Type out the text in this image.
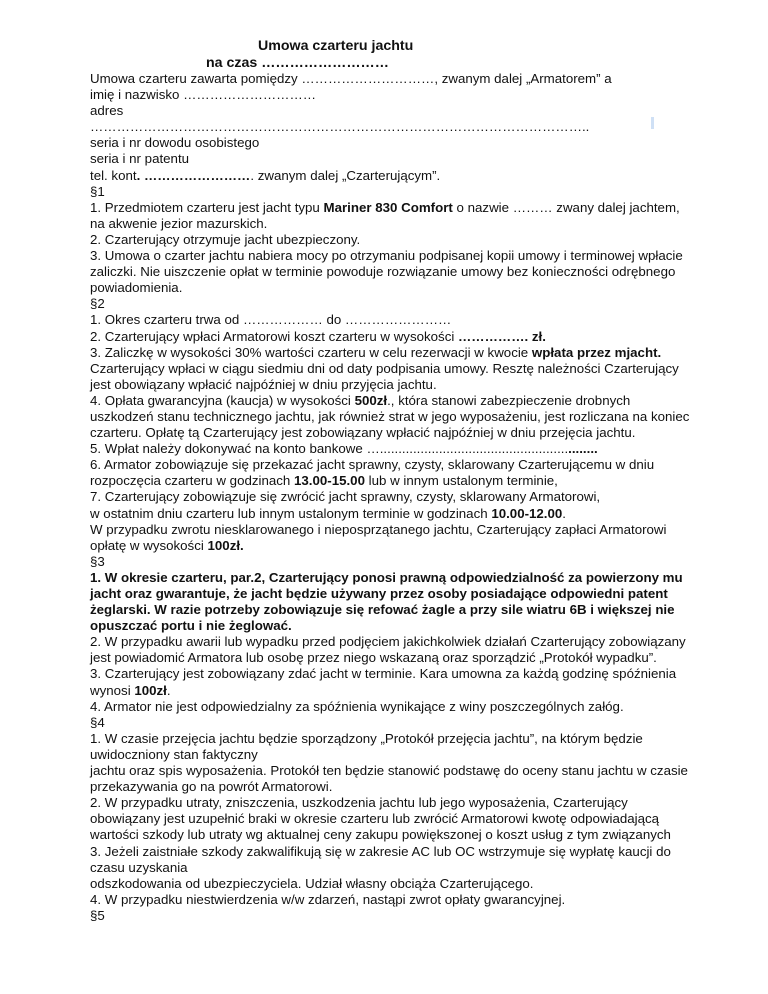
Umowa czarteru jachtu
na czas ………………………
Umowa czarteru zawarta pomiędzy …………………………, zwanym dalej „Armatorem” a
imię i nazwisko …………………………
adres
…………………………………………………………………………………………………..
seria i nr dowodu osobistego
seria i nr patentu
tel. kont. ……………………. zwanym dalej „Czarterującym”.
§1
1. Przedmiotem czarteru jest jacht typu Mariner 830 Comfort o nazwie ……… zwany dalej jachtem, na akwenie jezior mazurskich.
2. Czarterujący otrzymuje jacht ubezpieczony.
3. Umowa o czarter jachtu nabiera mocy po otrzymaniu podpisanej kopii umowy i terminowej wpłacie zaliczki. Nie uiszczenie opłat w terminie powoduje rozwiązanie umowy bez konieczności odrębnego powiadomienia.
§2
1. Okres czarteru trwa od ……………… do ……………………
2. Czarterujący wpłaci Armatorowi koszt czarteru w wysokości ……………. zł.
3. Zaliczkę w wysokości 30% wartości czarteru w celu rezerwacji w kwocie wpłata przez mjacht. Czarterujący wpłaci w ciągu siedmiu dni od daty podpisania umowy. Resztę należności Czarterujący jest obowiązany wpłacić najpóźniej w dniu przyjęcia jachtu.
4. Opłata gwarancyjna (kaucja) w wysokości 500zł., która stanowi zabezpieczenie drobnych uszkodzeń stanu technicznego jachtu, jak również strat w jego wyposażeniu, jest rozliczana na koniec czarteru. Opłatę tą Czarterujący jest zobowiązany wpłacić najpóźniej w dniu przejęcia jachtu.
5. Wpłat należy dokonywać na konto bankowe …...........................................................
6. Armator zobowiązuje się przekazać jacht sprawny, czysty, sklarowany Czarterującemu w dniu rozpoczęcia czarteru w godzinach 13.00-15.00 lub w innym ustalonym terminie,
7. Czarterujący zobowiązuje się zwrócić jacht sprawny, czysty, sklarowany Armatorowi,
w ostatnim dniu czarteru lub innym ustalonym terminie w godzinach 10.00-12.00.
W przypadku zwrotu niesklarowanego i nieposprzątanego jachtu, Czarterujący zapłaci Armatorowi opłatę w wysokości 100zł.
§3
1. W okresie czarteru, par.2, Czarterujący ponosi prawną odpowiedzialność za powierzony mu jacht oraz gwarantuje, że jacht będzie używany przez osoby posiadające odpowiedni patent żeglarski. W razie potrzeby zobowiązuje się refować żagle a przy sile wiatru 6B i większej nie opuszczać portu i nie żeglować.
2. W przypadku awarii lub wypadku przed podjęciem jakichkolwiek działań Czarterujący zobowiązany jest powiadomić Armatora lub osobę przez niego wskazaną oraz sporządzić „Protokół wypadku”.
3. Czarterujący jest zobowiązany zdać jacht w terminie. Kara umowna za każdą godzinę spóźnienia wynosi 100zł.
4. Armator nie jest odpowiedzialny za spóźnienia wynikające z winy poszczególnych załóg.
§4
1. W czasie przejęcia jachtu będzie sporządzony „Protokół przejęcia jachtu”, na którym będzie uwidoczniony stan faktyczny
jachtu oraz spis wyposażenia. Protokół ten będzie stanowić podstawę do oceny stanu jachtu w czasie przekazywania go na powrót Armatorowi.
2. W przypadku utraty, zniszczenia, uszkodzenia jachtu lub jego wyposażenia, Czarterujący obowiązany jest uzupełnić braki w okresie czarteru lub zwrócić Armatorowi kwotę odpowiadającą wartości szkody lub utraty wg aktualnej ceny zakupu powiększonej o koszt usług z tym związanych
3. Jeżeli zaistniałe szkody zakwalifikują się w zakresie AC lub OC wstrzymuje się wypłatę kaucji do czasu uzyskania
odszkodowania od ubezpieczyciela. Udział własny obciąża Czarterującego.
4. W przypadku niestwierdzenia w/w zdarzeń, nastąpi zwrot opłaty gwarancyjnej.
§5
